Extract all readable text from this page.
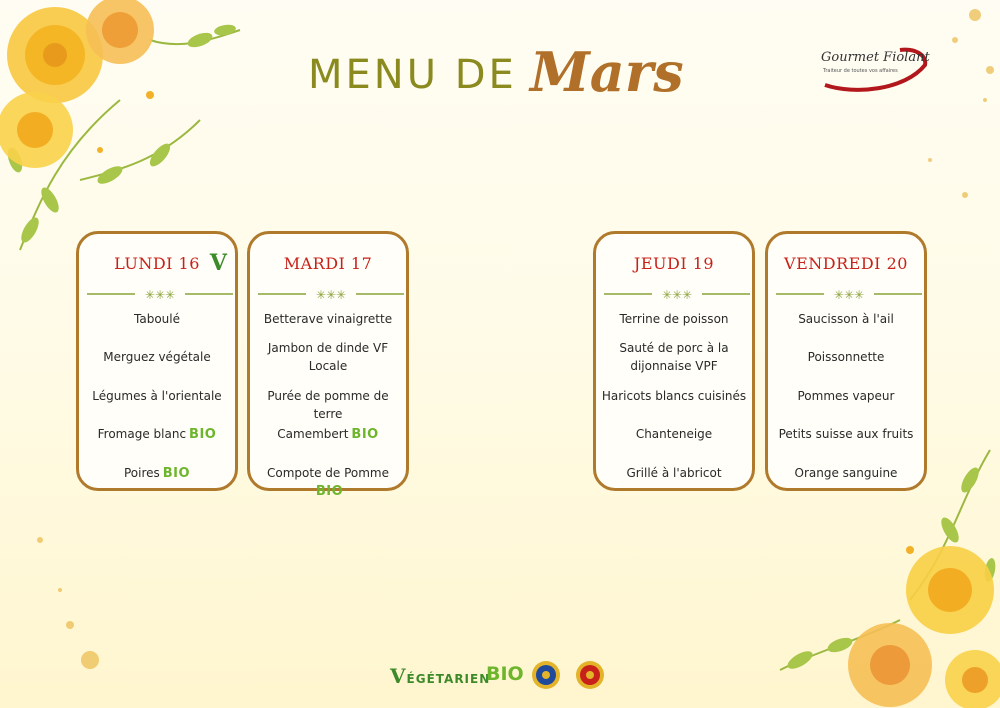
MENU DE Mars	Gourmet Fiolant
Traiteur de toutes vos affaires
LUNDI 16 V
✳✳✳
Taboulé
Merguez végétale
Légumes à l'orientale
Fromage blanc BIO
Poires BIO
MARDI 17
✳✳✳
Betterave vinaigrette
Jambon de dinde VF Locale
Purée de pomme de terre
Camembert BIO
Compote de PommeBIO
JEUDI 19
✳✳✳
Terrine de poisson
Sauté de porc à la dijonnaise VPF
Haricots blancs cuisinés
Chanteneige
Grillé à l'abricot
VENDREDI 20
✳✳✳
Saucisson à l'ail
Poissonnette
Pommes vapeur
Petits suisse aux fruits
Orange sanguine
VÉGÉTARIEN
BIO
